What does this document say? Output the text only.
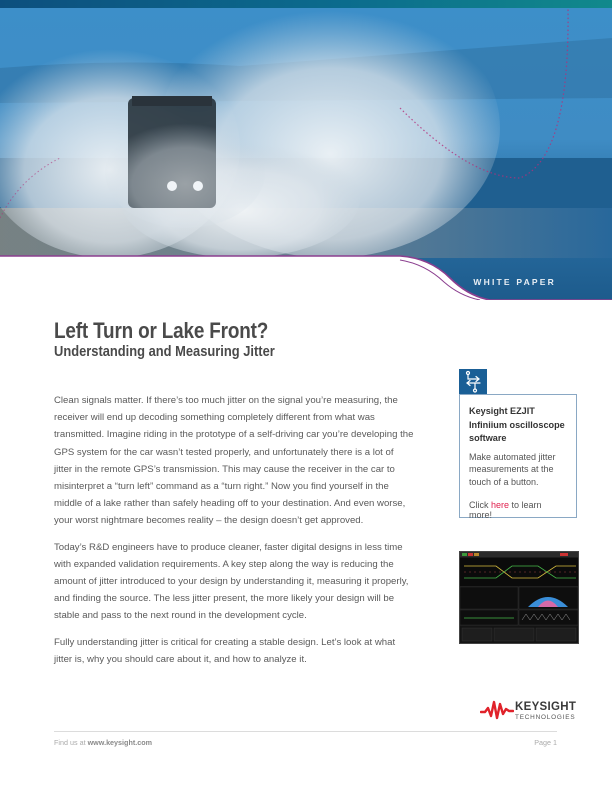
WHITE PAPER
Left Turn or Lake Front?
Understanding and Measuring Jitter

Clean signals matter. If there’s too much jitter on the signal you’re measuring, the receiver will end up decoding something completely different from what was transmitted. Imagine riding in the prototype of a self-driving car you’re developing the GPS system for the car wasn’t tested properly, and unfortunately there is a lot of jitter in the remote GPS’s transmission. This may cause the receiver in the car to misinterpret a “turn left” command as a “turn right.” Now you find yourself in the middle of a lake rather than safely heading off to your destination. And even worse, your worst nightmare becomes reality – the design doesn’t get approved.

Today’s R&D engineers have to produce cleaner, faster digital designs in less time with expanded validation requirements. A key step along the way is reducing the amount of jitter introduced to your design by understanding it, measuring it properly, and finding the source. The less jitter present, the more likely your design will be stable and pass to the next round in the development cycle.

Fully understanding jitter is critical for creating a stable design. Let’s look at what jitter is, why you should care about it, and how to analyze it.

Keysight EZJIT Infiniium oscilloscope software
Make automated jitter measurements at the touch of a button.
Click here to learn more!
KEYSIGHT
TECHNOLOGIES
Find us at www.keysight.com	Page 1
